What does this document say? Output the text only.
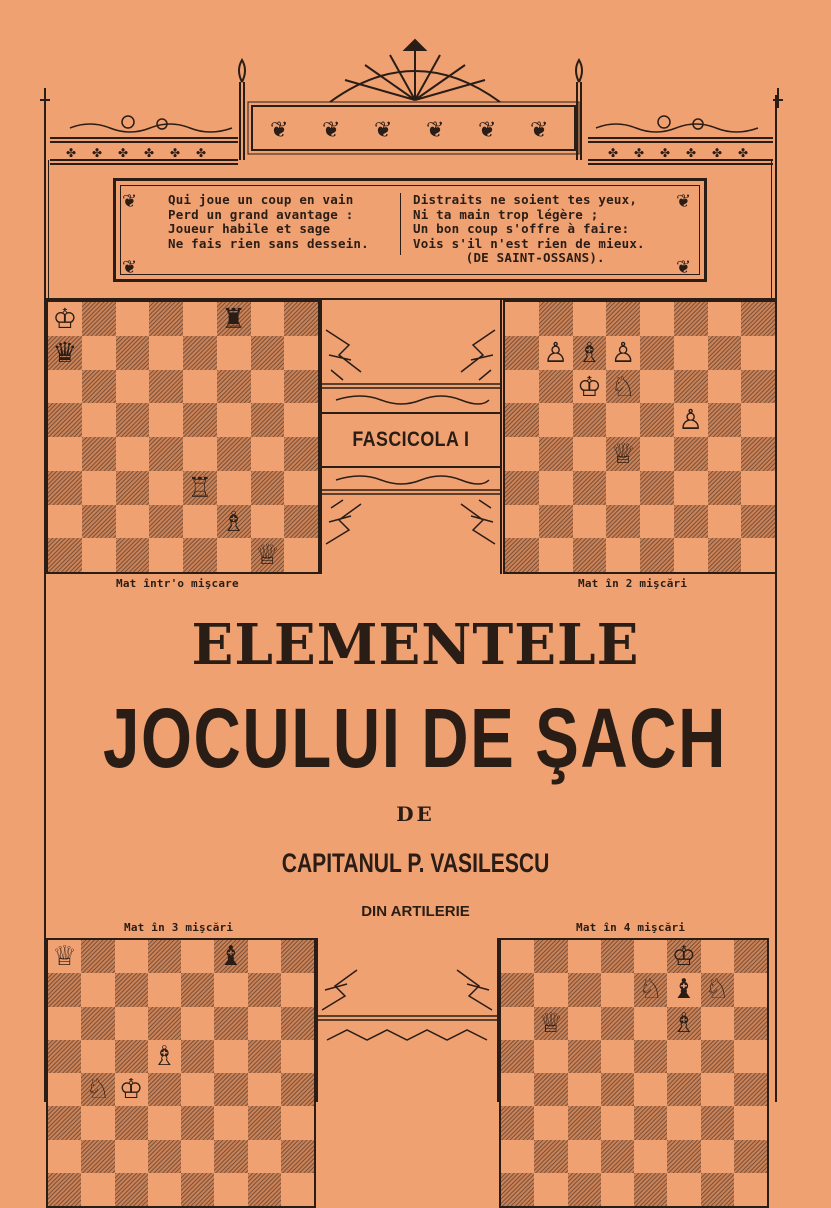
❦ ❦ ❦ ❦ ❦ ❦
✤ ✤ ✤ ✤ ✤ ✤	✤ ✤ ✤ ✤ ✤ ✤
❦	❦
❦	❦
Qui joue un coup en vain
Perd un grand avantage :
Joueur habile et sage
Ne fais rien sans dessein.
Distraits ne soient tes yeux,
Ni ta main trop légère ;
Un bon coup s'offre à faire:
Vois s'il n'est rien de mieux.
(DE SAINT-OSSANS).
♔
♛
♜
♖
♗
♕
♙ ♗ ♙
♔ ♘
♙
♕
♕	♝
♗
♘ ♔
♔
♘ ♝ ♘
♕	♗
Mat într'o mişcare	Mat în 2 mişcări
Mat în 3 mişcări	Mat în 4 mişcări
FASCICOLA I
ELEMENTELE
JOCULUI DE ŞACH
DE
CAPITANUL P. VASILESCU
DIN ARTILERIE
